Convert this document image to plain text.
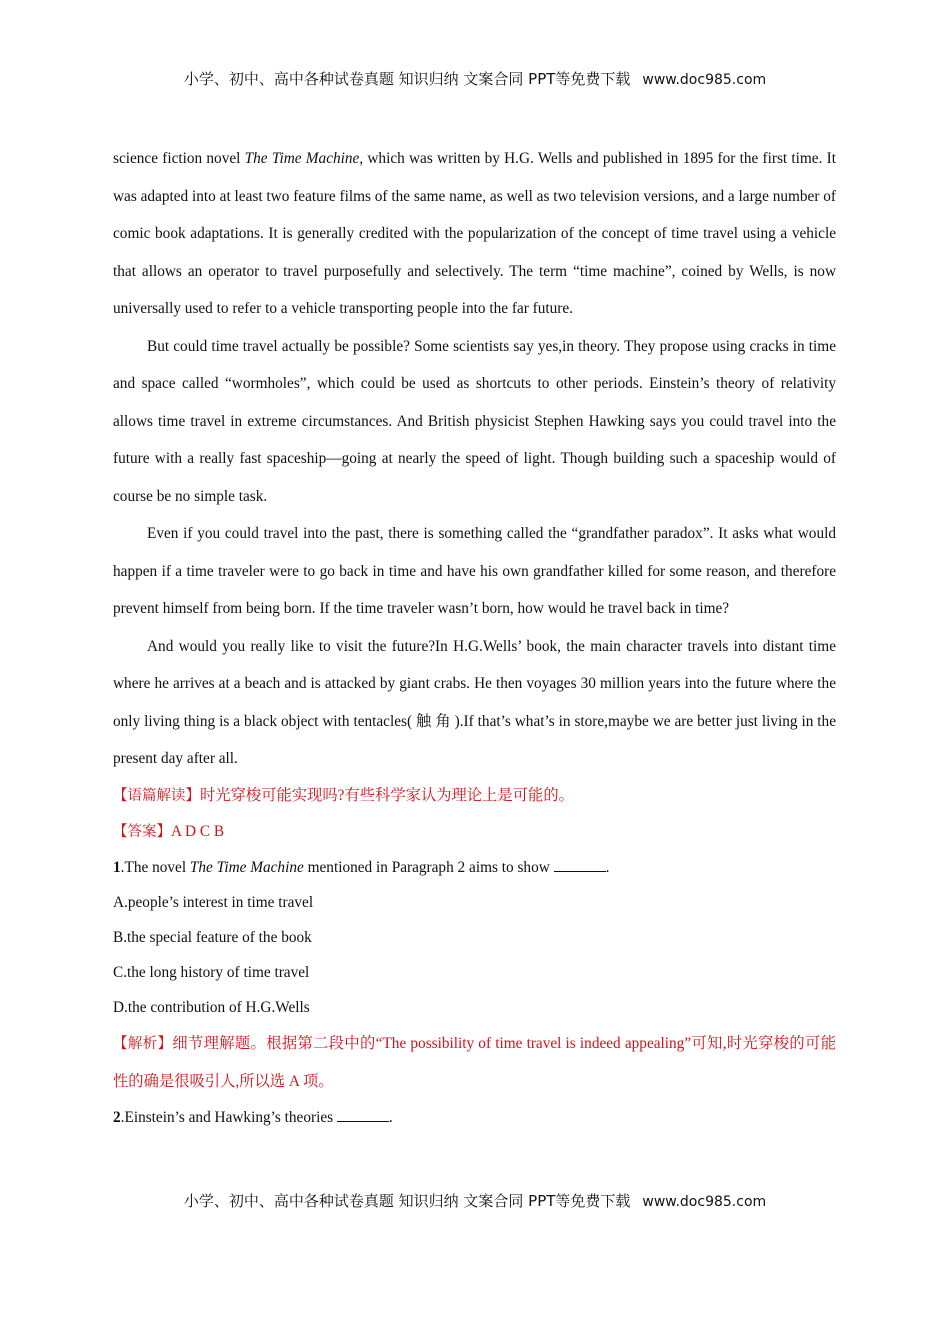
小学、初中、高中各种试卷真题 知识归纳 文案合同 PPT等免费下载 www.doc985.com

science fiction novel The Time Machine, which was written by H.G. Wells and published in 1895 for the first time. It was adapted into at least two feature films of the same name, as well as two television versions, and a large number of comic book adaptations. It is generally credited with the popularization of the concept of time travel using a vehicle that allows an operator to travel purposefully and selectively. The term “time machine”, coined by Wells, is now universally used to refer to a vehicle transporting people into the far future.

But could time travel actually be possible? Some scientists say yes,in theory. They propose using cracks in time and space called “wormholes”, which could be used as shortcuts to other periods. Einstein’s theory of relativity allows time travel in extreme circumstances. And British physicist Stephen Hawking says you could travel into the future with a really fast spaceship—going at nearly the speed of light. Though building such a spaceship would of course be no simple task.

Even if you could travel into the past, there is something called the “grandfather paradox”. It asks what would happen if a time traveler were to go back in time and have his own grandfather killed for some reason, and therefore prevent himself from being born. If the time traveler wasn’t born, how would he travel back in time?

And would you really like to visit the future?In H.G.Wells’ book, the main character travels into distant time where he arrives at a beach and is attacked by giant crabs. He then voyages 30 million years into the future where the only living thing is a black object with tentacles( 触 角 ).If that’s what’s in store,maybe we are better just living in the present day after all.

【语篇解读】时光穿梭可能实现吗?有些科学家认为理论上是可能的。

【答案】A D C B

1.The novel The Time Machine mentioned in Paragraph 2 aims to show	.

A.people’s interest in time travel

B.the special feature of the book

C.the long history of time travel

D.the contribution of H.G.Wells

【解析】细节理解题。根据第二段中的“The possibility of time travel is indeed appealing”可知,时光穿梭的可能性的确是很吸引人,所以选 A 项。

2.Einstein’s and Hawking’s theories	.

小学、初中、高中各种试卷真题 知识归纳 文案合同 PPT等免费下载 www.doc985.com
